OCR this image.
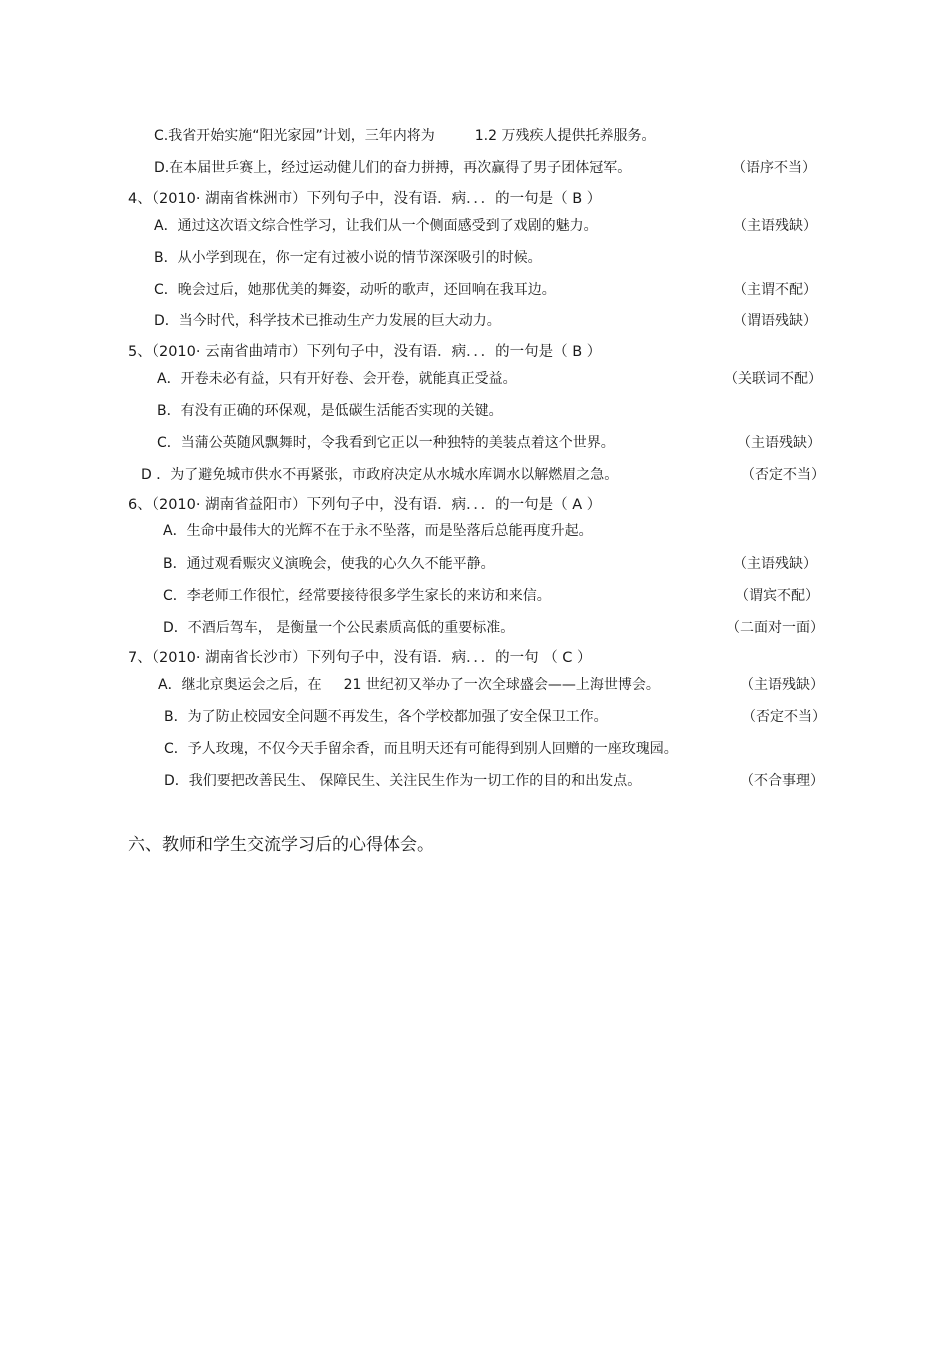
C.我省开始实施“阳光家园”计划，三年内将为	1.2 万残疾人提供托养服务。
D.在本届世乒赛上，经过运动健儿们的奋力拼搏，再次赢得了男子团体冠军。	（语序不当）
4、（2010· 湖南省株洲市）下列句子中，没有语．病．．．的一句是（ B ）
A．通过这次语文综合性学习，让我们从一个侧面感受到了戏剧的魅力。	（主语残缺）
B．从小学到现在，你一定有过被小说的情节深深吸引的时候。
C．晚会过后，她那优美的舞姿，动听的歌声，还回响在我耳边。	（主谓不配）
D．当今时代，科学技术已推动生产力发展的巨大动力。	（谓语残缺）
5、（2010· 云南省曲靖市）下列句子中，没有语．病．．．的一句是（ B ）
A．开卷未必有益，只有开好卷、会开卷，就能真正受益。	（关联词不配）
B．有没有正确的环保观，是低碳生活能否实现的关键。
C．当蒲公英随风飘舞时，令我看到它正以一种独特的美装点着这个世界。	（主语残缺）
D ．为了避免城市供水不再紧张，市政府决定从水城水库调水以解燃眉之急。	（否定不当）
6、（2010· 湖南省益阳市）下列句子中，没有语．病．．．的一句是（ A ）
A．生命中最伟大的光辉不在于永不坠落，而是坠落后总能再度升起。
B．通过观看赈灾义演晚会，使我的心久久不能平静。	（主语残缺）
C．李老师工作很忙，经常要接待很多学生家长的来访和来信。	（谓宾不配）
D．不酒后驾车， 是衡量一个公民素质高低的重要标准。	（二面对一面）
7、（2010· 湖南省长沙市）下列句子中，没有语．病．．．的一句 （ C ）
A．继北京奥运会之后，在 21 世纪初又举办了一次全球盛会——上海世博会。	（主语残缺）
B．为了防止校园安全问题不再发生，各个学校都加强了安全保卫工作。	（否定不当）
C．予人玫瑰，不仅今天手留余香，而且明天还有可能得到别人回赠的一座玫瑰园。
D．我们要把改善民生、 保障民生、关注民生作为一切工作的目的和出发点。	（不合事理）
六、教师和学生交流学习后的心得体会。
